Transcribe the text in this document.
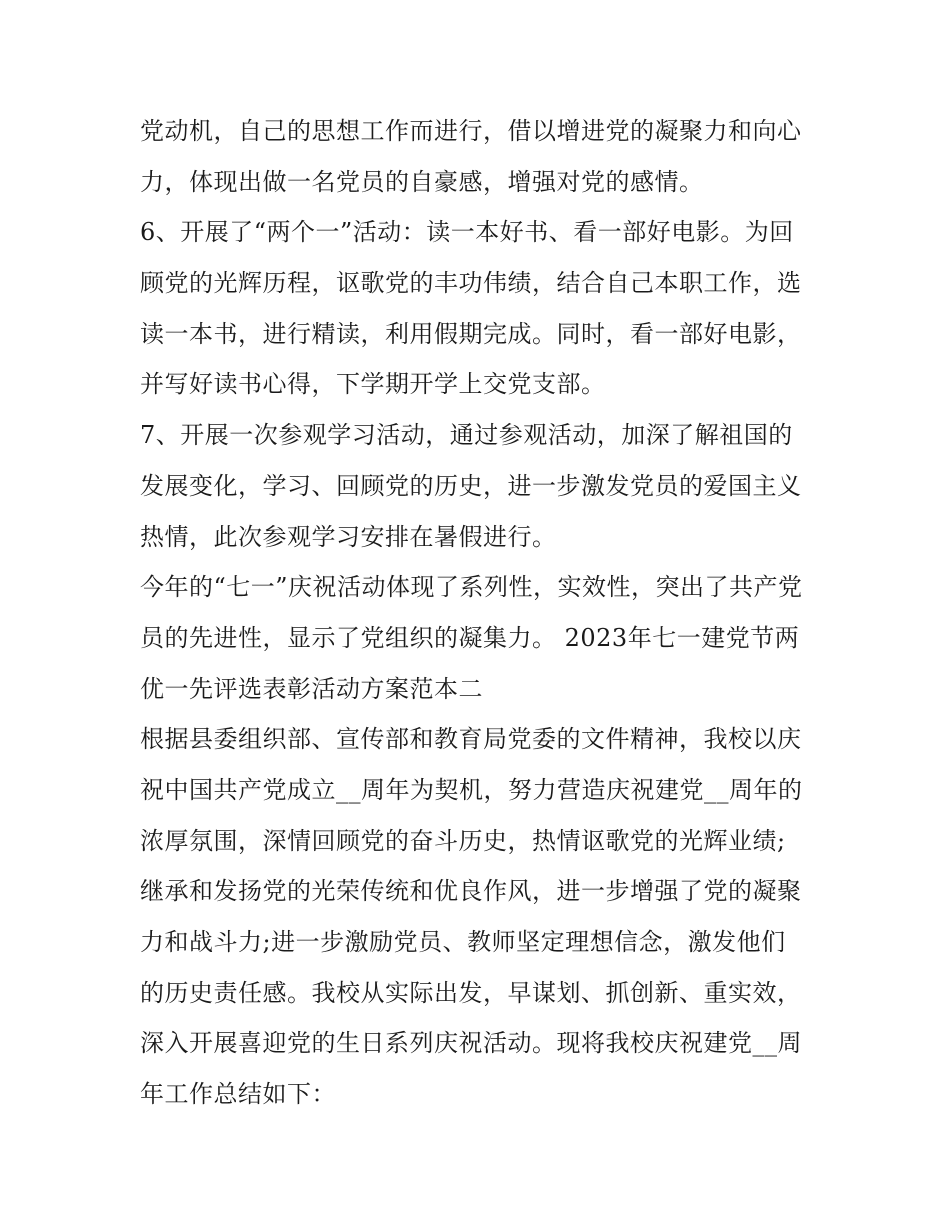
党动机，自己的思想工作而进行，借以增进党的凝聚力和向心
力，体现出做一名党员的自豪感，增强对党的感情。
6、开展了“两个一”活动：读一本好书、看一部好电影。为回
顾党的光辉历程，讴歌党的丰功伟绩，结合自己本职工作，选
读一本书，进行精读，利用假期完成。同时，看一部好电影，
并写好读书心得，下学期开学上交党支部。
7、开展一次参观学习活动，通过参观活动，加深了解祖国的
发展变化，学习、回顾党的历史，进一步激发党员的爱国主义
热情，此次参观学习安排在暑假进行。
今年的“七一”庆祝活动体现了系列性，实效性，突出了共产党
员的先进性，显示了党组织的凝集力。 2023年七一建党节两
优一先评选表彰活动方案范本二
根据县委组织部、宣传部和教育局党委的文件精神，我校以庆
祝中国共产党成立__周年为契机，努力营造庆祝建党__周年的
浓厚氛围，深情回顾党的奋斗历史，热情讴歌党的光辉业绩;
继承和发扬党的光荣传统和优良作风，进一步增强了党的凝聚
力和战斗力;进一步激励党员、教师坚定理想信念，激发他们
的历史责任感。我校从实际出发，早谋划、抓创新、重实效，
深入开展喜迎党的生日系列庆祝活动。现将我校庆祝建党__周
年工作总结如下：
